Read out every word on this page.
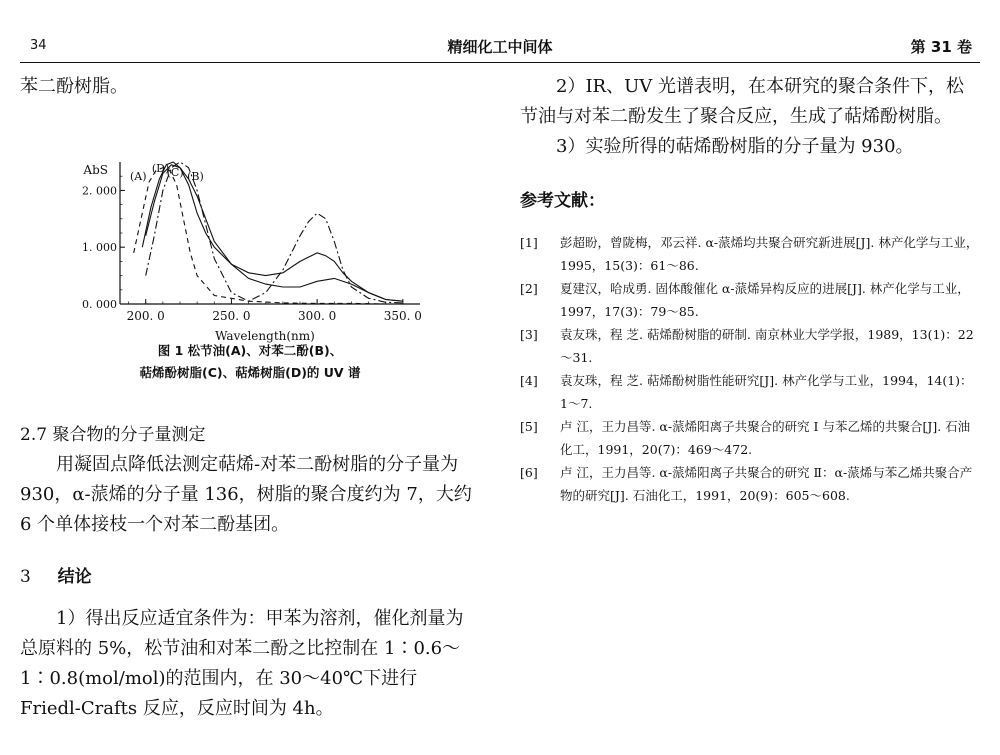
34	精细化工中间体	第 31 卷

苯二酚树脂。

0. 000
1. 000
2. 000
200. 0	250. 0	300. 0	350. 0
AbS
Wavelength(nm)
(A)	(B)
(C)
(D)
图 1 松节油(A)、对苯二酚(B)、
萜烯酚树脂(C)、萜烯树脂(D)的 UV 谱

2.7 聚合物的分子量测定

用凝固点降低法测定萜烯-对苯二酚树脂的分子量为 930，α-蒎烯的分子量 136，树脂的聚合度约为 7，大约 6 个单体接枝一个对苯二酚基团。

3 结论

1）得出反应适宜条件为：甲苯为溶剂，催化剂量为总原料的 5%，松节油和对苯二酚之比控制在 1∶0.6～1∶0.8(mol/mol)的范围内，在 30～40℃下进行 Friedl-Crafts 反应，反应时间为 4h。

2）IR、UV 光谱表明，在本研究的聚合条件下，松节油与对苯二酚发生了聚合反应，生成了萜烯酚树脂。

3）实验所得的萜烯酚树脂的分子量为 930。

参考文献：

[1] 彭超盼，曾陇梅，邓云祥. α-蒎烯均共聚合研究新进展[J]. 林产化学与工业，1995，15(3)：61～86.

[2] 夏建汉，哈成勇. 固体酸催化 α-蒎烯异构反应的进展[J]. 林产化学与工业，1997，17(3)：79～85.

[3] 袁友珠，程 芝. 萜烯酚树脂的研制. 南京林业大学学报，1989，13(1)：22～31.

[4] 袁友珠，程 芝. 萜烯酚树脂性能研究[J]. 林产化学与工业，1994，14(1)：1～7.

[5] 卢 江，王力昌等. α-蒎烯阳离子共聚合的研究 Ⅰ 与苯乙烯的共聚合[J]. 石油化工，1991，20(7)：469～472.

[6] 卢 江，王力昌等. α-蒎烯阳离子共聚合的研究 Ⅱ：α-蒎烯与苯乙烯共聚合产物的研究[J]. 石油化工，1991，20(9)：605～608.
